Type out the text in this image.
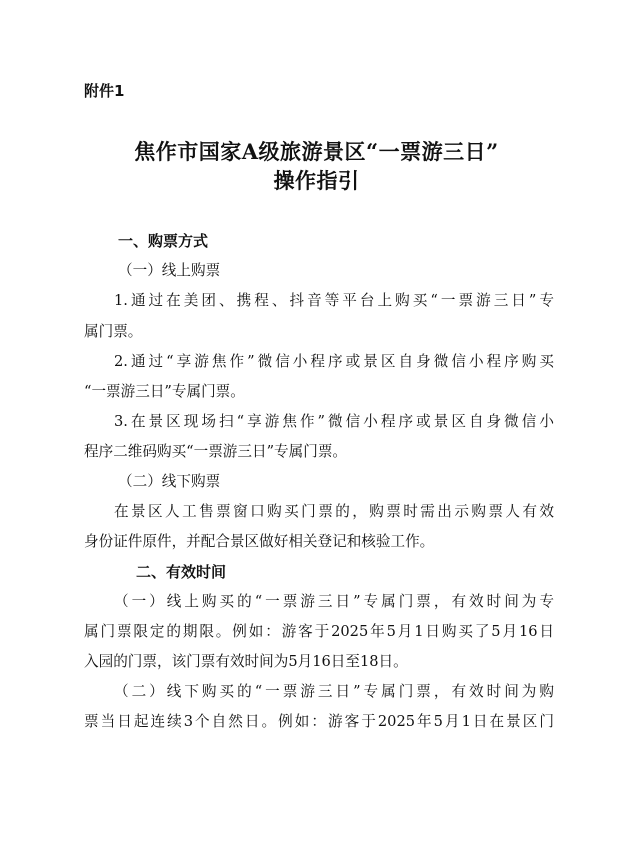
附件1
焦作市国家A级旅游景区“一票游三日”
操作指引
一、购票方式
（一）线上购票
1.通过在美团、携程、抖音等平台上购买“一票游三日”专
属门票。
2.通过“享游焦作”微信小程序或景区自身微信小程序购买
“一票游三日”专属门票。
3.在景区现场扫“享游焦作”微信小程序或景区自身微信小
程序二维码购买“一票游三日”专属门票。
（二）线下购票
在景区人工售票窗口购买门票的，购票时需出示购票人有效
身份证件原件，并配合景区做好相关登记和核验工作。
二、有效时间
（一）线上购买的“一票游三日”专属门票，有效时间为专
属门票限定的期限。例如：游客于2025年5月1日购买了5月16日
入园的门票，该门票有效时间为5月16日至18日。
（二）线下购买的“一票游三日”专属门票，有效时间为购
票当日起连续3个自然日。例如：游客于2025年5月1日在景区门
